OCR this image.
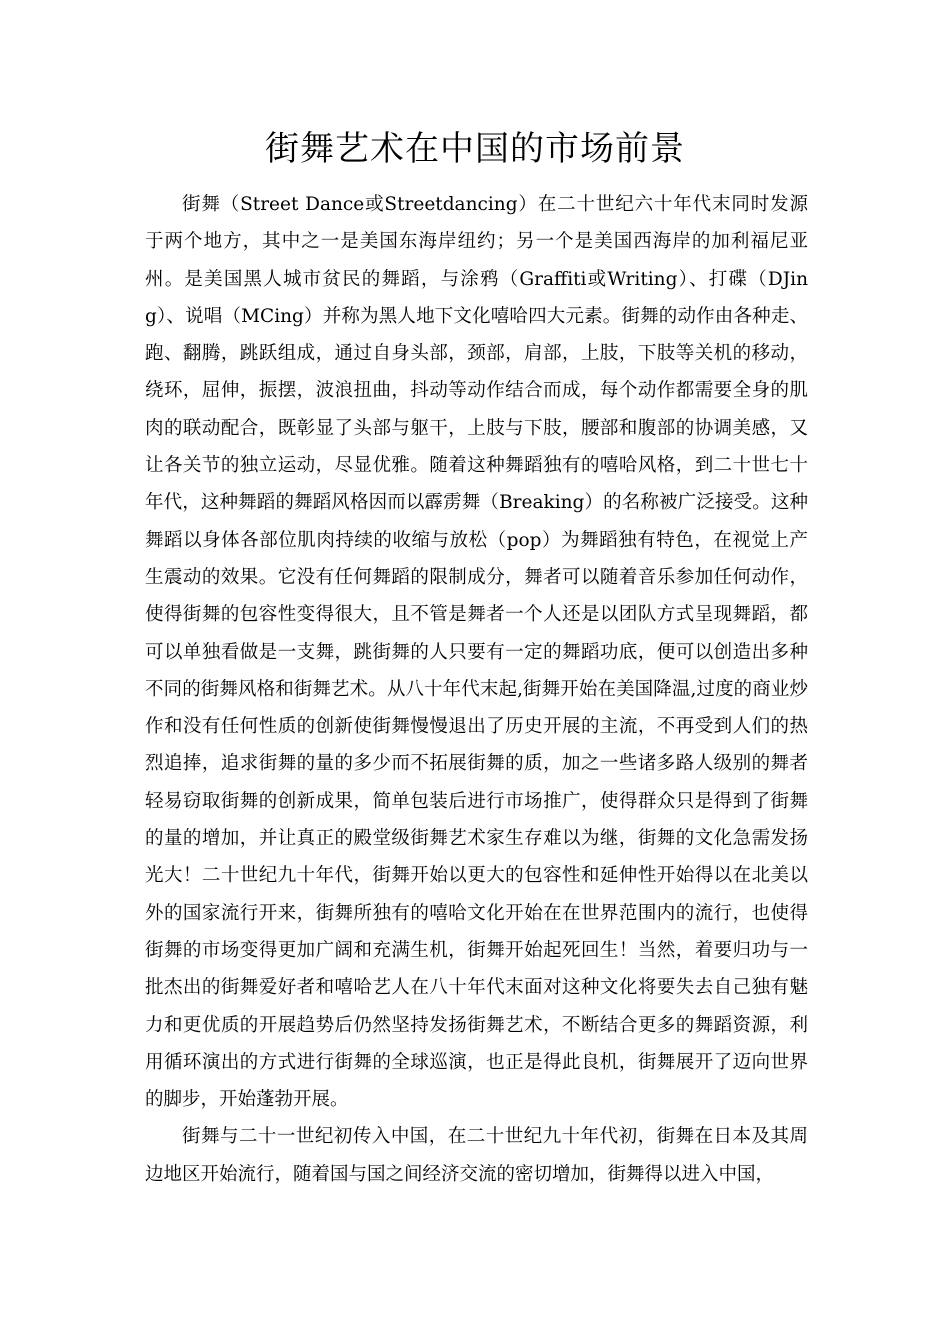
街舞艺术在中国的市场前景

街舞（Street Dance或Streetdancing）在二十世纪六十年代末同时发源于两个地方，其中之一是美国东海岸纽约；另一个是美国西海岸的加利福尼亚州。是美国黑人城市贫民的舞蹈，与涂鸦（Graffiti或Writing）、打碟（DJing）、说唱（MCing）并称为黑人地下文化嘻哈四大元素。街舞的动作由各种走、跑、翻腾，跳跃组成，通过自身头部，颈部，肩部，上肢，下肢等关机的移动，绕环，屈伸，振摆，波浪扭曲，抖动等动作结合而成，每个动作都需要全身的肌肉的联动配合，既彰显了头部与躯干，上肢与下肢，腰部和腹部的协调美感，又让各关节的独立运动，尽显优雅。随着这种舞蹈独有的嘻哈风格，到二十世七十年代，这种舞蹈的舞蹈风格因而以霹雳舞（Breaking）的名称被广泛接受。这种舞蹈以身体各部位肌肉持续的收缩与放松（pop）为舞蹈独有特色，在视觉上产生震动的效果。它没有任何舞蹈的限制成分，舞者可以随着音乐参加任何动作，使得街舞的包容性变得很大，且不管是舞者一个人还是以团队方式呈现舞蹈，都可以单独看做是一支舞，跳街舞的人只要有一定的舞蹈功底，便可以创造出多种不同的街舞风格和街舞艺术。从八十年代末起,街舞开始在美国降温,过度的商业炒作和没有任何性质的创新使街舞慢慢退出了历史开展的主流，不再受到人们的热烈追捧，追求街舞的量的多少而不拓展街舞的质，加之一些诸多路人级别的舞者轻易窃取街舞的创新成果，简单包装后进行市场推广，使得群众只是得到了街舞的量的增加，并让真正的殿堂级街舞艺术家生存难以为继，街舞的文化急需发扬光大！二十世纪九十年代，街舞开始以更大的包容性和延伸性开始得以在北美以外的国家流行开来，街舞所独有的嘻哈文化开始在在世界范围内的流行，也使得街舞的市场变得更加广阔和充满生机，街舞开始起死回生！当然，着要归功与一批杰出的街舞爱好者和嘻哈艺人在八十年代末面对这种文化将要失去自己独有魅力和更优质的开展趋势后仍然坚持发扬街舞艺术，不断结合更多的舞蹈资源，利用循环演出的方式进行街舞的全球巡演，也正是得此良机，街舞展开了迈向世界的脚步，开始蓬勃开展。

街舞与二十一世纪初传入中国，在二十世纪九十年代初，街舞在日本及其周边地区开始流行，随着国与国之间经济交流的密切增加，街舞得以进入中国，
